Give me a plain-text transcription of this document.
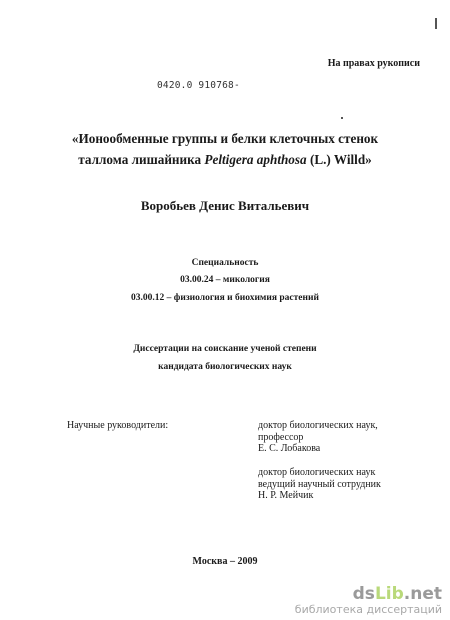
На правах рукописи
0420.0 910768-
«Ионообменные группы и белки клеточных стенок
талломa лишайника Peltigera aphthosa (L.) Willd»
Воробьев Денис Витальевич
Специальность
03.00.24 – микология
03.00.12 – физиология и биохимия растений
Диссертации на соискание ученой степени
кандидата биологических наук
Научные руководители:	доктор биологических наук,
профессор
Е. С. Лобакова
доктор биологических наук
ведущий научный сотрудник
Н. Р. Мейчик
Москва – 2009
dsLib.net
библиотека диссертаций
